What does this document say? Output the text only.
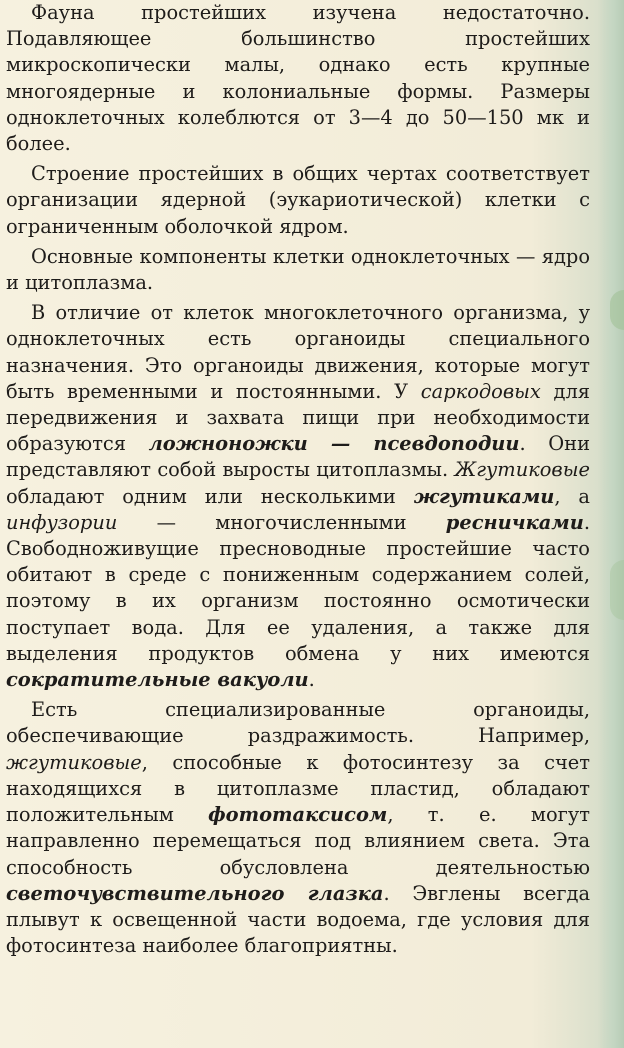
Фауна простейших изучена недостаточно. Подавляющее большинство простейших микроскопически малы, однако есть крупные многоядерные и колониальные формы. Размеры одноклеточных колеблются от 3—4 до 50—150 мк и более.

Строение простейших в общих чертах соответствует организации ядерной (эукариотической) клетки с ограниченным оболочкой ядром.

Основные компоненты клетки одноклеточных — ядро и цитоплазма.

В отличие от клеток многоклеточного организма, у одноклеточных есть органоиды специального назначения. Это органоиды движения, которые могут быть временными и постоянными. У саркодовых для передвижения и захвата пищи при необходимости образуются ложноножки — псевдоподии. Они представляют собой выросты цитоплазмы. Жгутиковые обладают одним или несколькими жгутиками, а инфузории — многочисленными ресничками. Свободноживущие пресноводные простейшие часто обитают в среде с пониженным содержанием солей, поэтому в их организм постоянно осмотически поступает вода. Для ее удаления, а также для выделения продуктов обмена у них имеются сократительные вакуоли.

Есть специализированные органоиды, обеспечивающие раздражимость. Например, жгутиковые, способные к фотосинтезу за счет находящихся в цитоплазме пластид, обладают положительным фототаксисом, т. е. могут направленно перемещаться под влиянием света. Эта способность обусловлена деятельностью светочувствительного глазка. Эвглены всегда плывут к освещенной части водоема, где условия для фотосинтеза наиболее благоприятны.
